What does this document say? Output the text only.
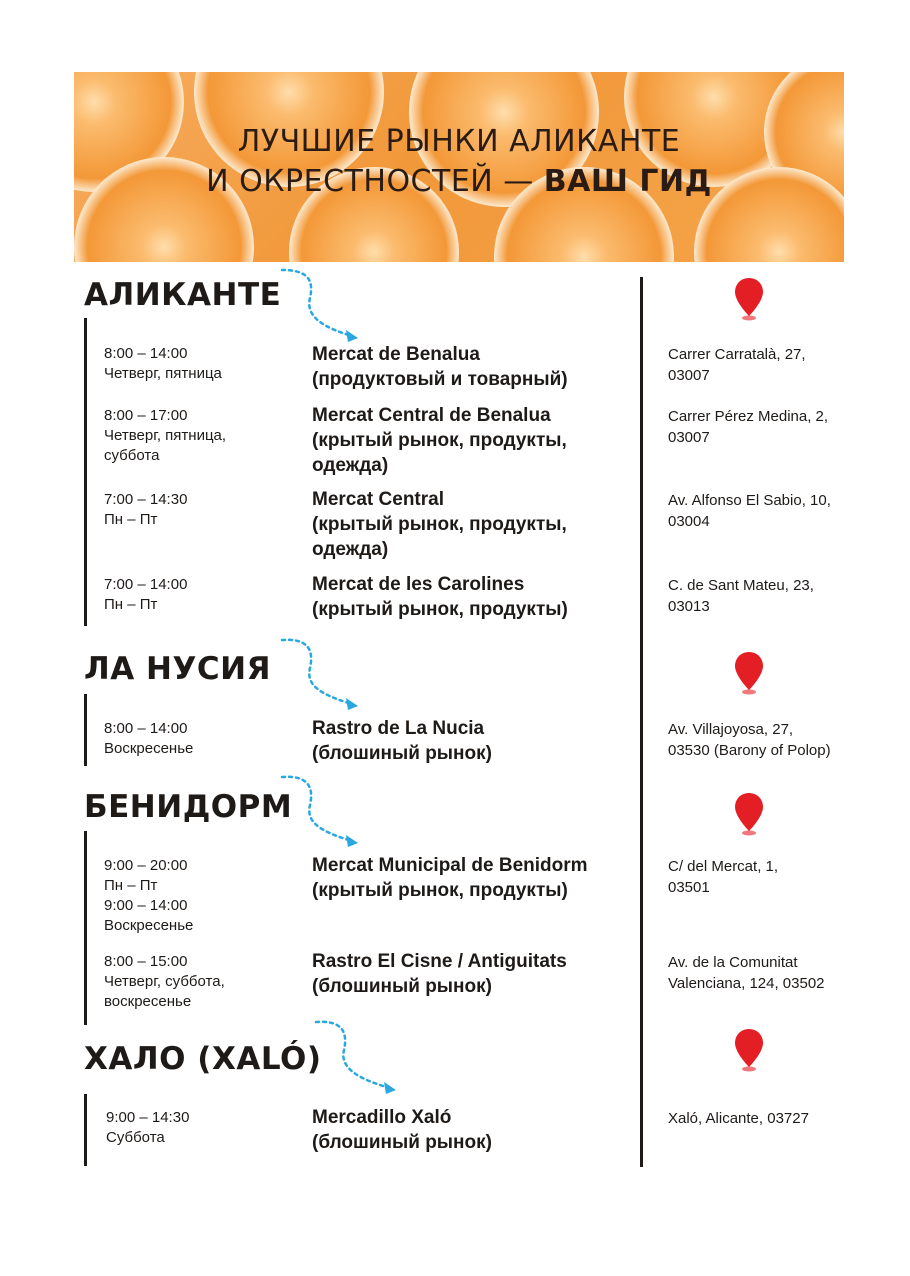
ЛУЧШИЕ РЫНКИ АЛИКАНТЕ
И ОКРЕСТНОСТЕЙ — ВАШ ГИД
АЛИКАНТЕ
8:00 – 14:00
Четверг, пятница
Mercat de Benalua
(продуктовый и товарный)
Carrer Carratalà, 27,
03007
8:00 – 17:00
Четверг, пятница,
суббота
Mercat Central de Benalua
(крытый рынок, продукты,
одежда)
Carrer Pérez Medina, 2,
03007
7:00 – 14:30
Пн – Пт
Mercat Central
(крытый рынок, продукты,
одежда)
Av. Alfonso El Sabio, 10,
03004
7:00 – 14:00
Пн – Пт
Mercat de les Carolines
(крытый рынок, продукты)
C. de Sant Mateu, 23,
03013
ЛА НУСИЯ
8:00 – 14:00
Воскресенье
Rastro de La Nucia
(блошиный рынок)
Av. Villajoyosa, 27,
03530 (Barony of Polop)
БЕНИДОРМ
9:00 – 20:00
Пн – Пт
9:00 – 14:00
Воскресенье
Mercat Municipal de Benidorm
(крытый рынок, продукты)
C/ del Mercat, 1,
03501
8:00 – 15:00
Четверг, суббота,
воскресенье
Rastro El Cisne / Antiguitats
(блошиный рынок)
Av. de la Comunitat
Valenciana, 124, 03502
ХАЛО (XALÓ)
9:00 – 14:30
Суббота
Mercadillo Xaló
(блошиный рынок)
Xaló, Alicante, 03727
